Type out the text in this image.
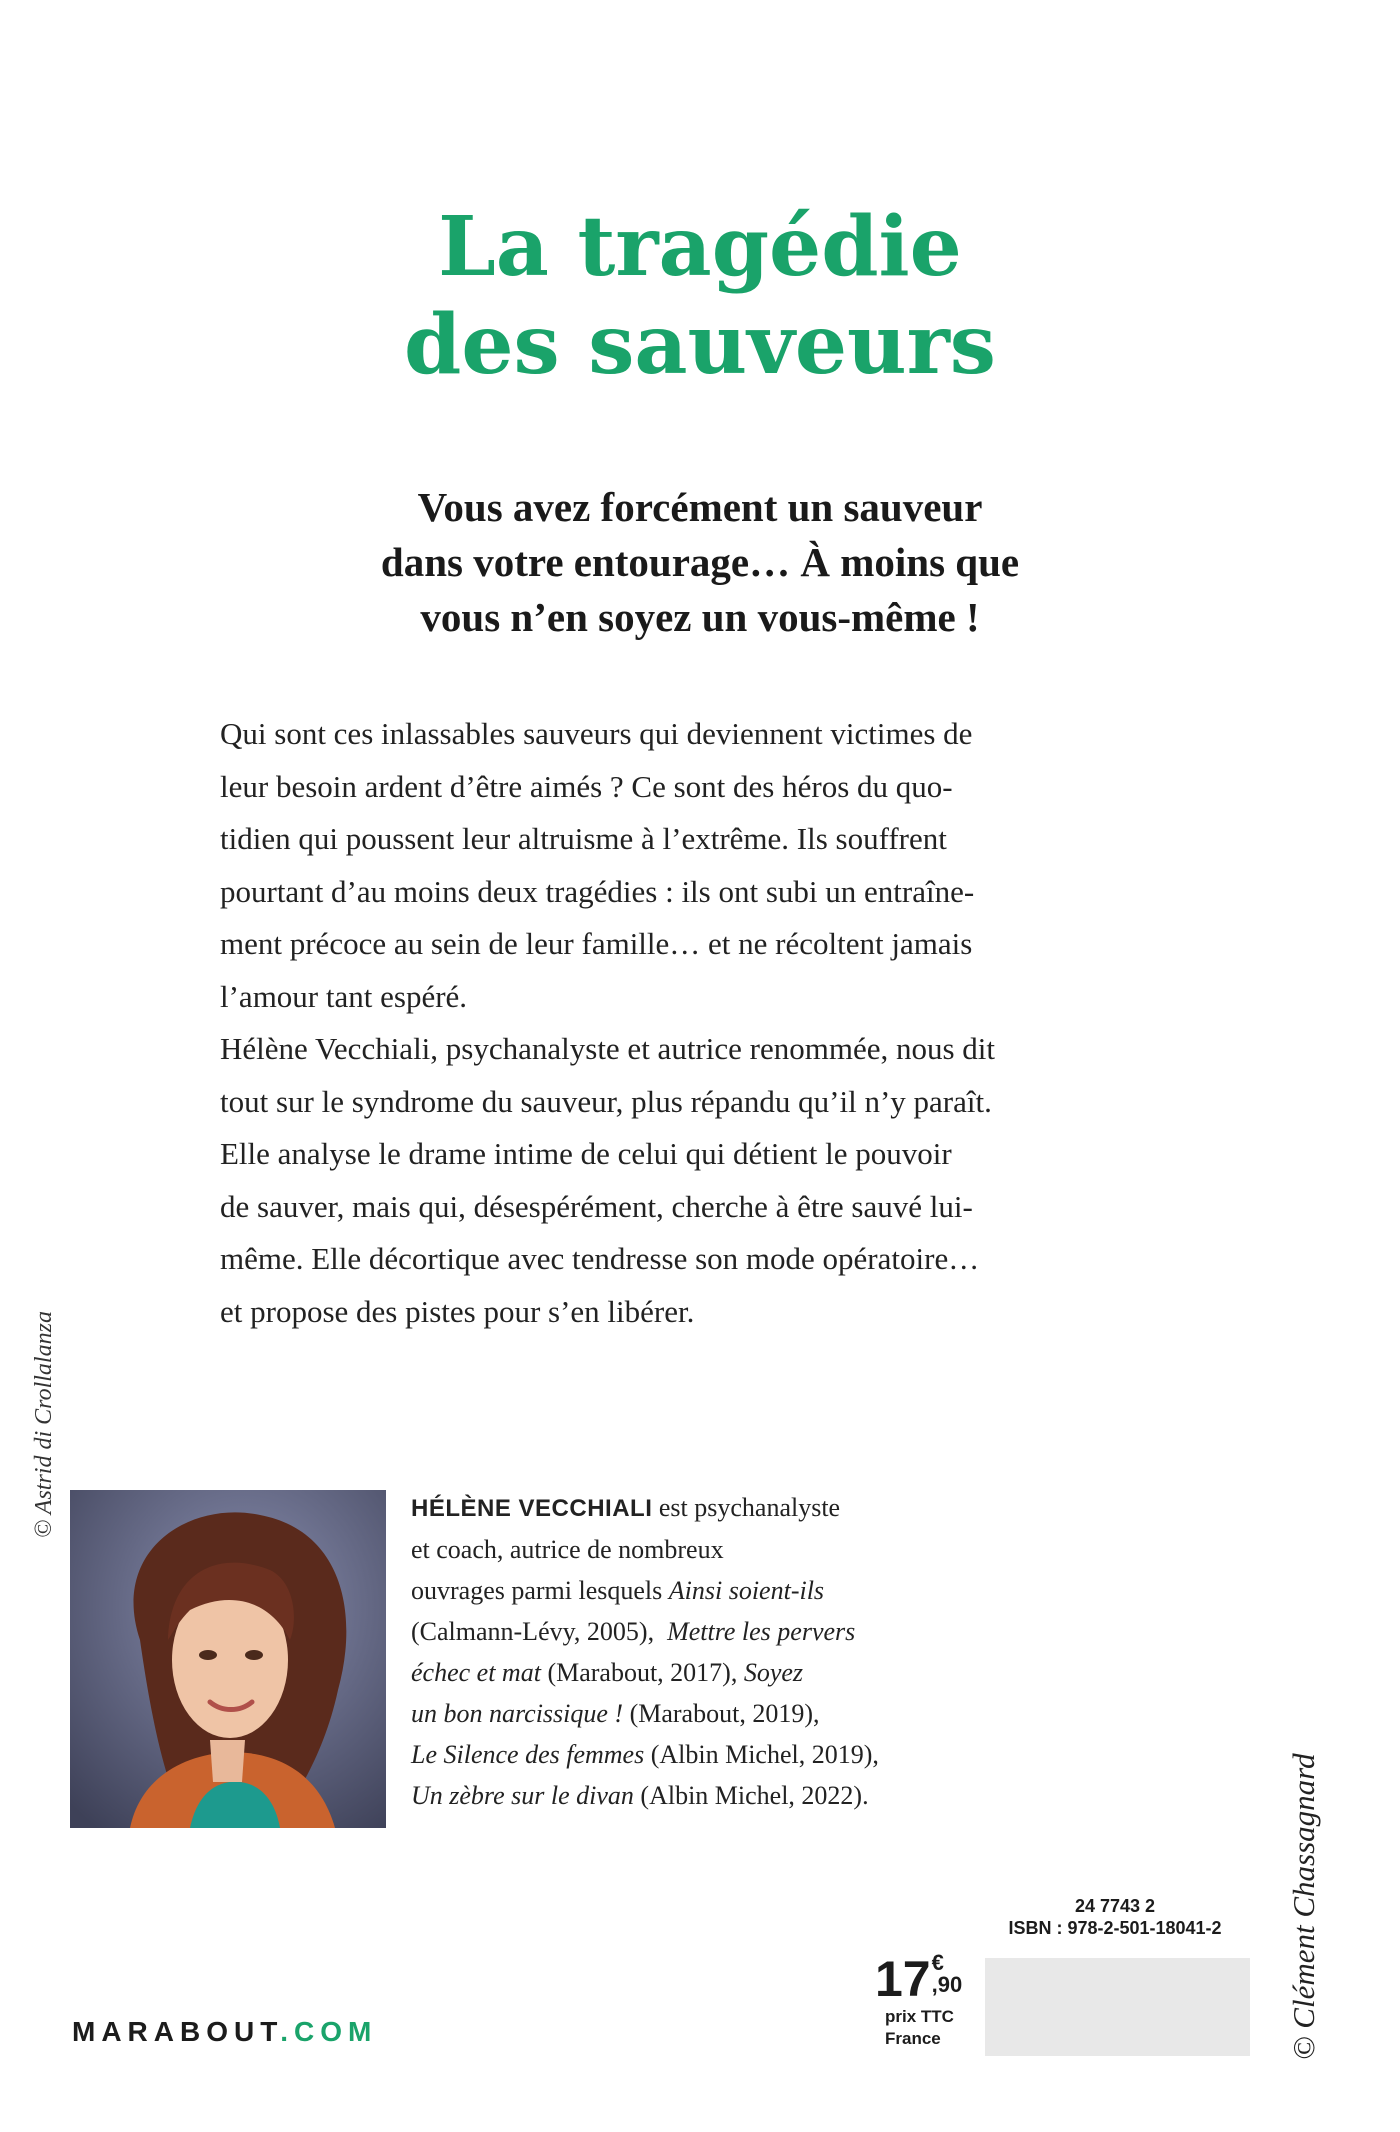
La tragédie
des sauveurs
Vous avez forcément un sauveur
dans votre entourage… À moins que
vous n’en soyez un vous-même !
Qui sont ces inlassables sauveurs qui deviennent victimes de
leur besoin ardent d’être aimés ? Ce sont des héros du quo-
tidien qui poussent leur altruisme à l’extrême. Ils souffrent
pourtant d’au moins deux tragédies : ils ont subi un entraîne-
ment précoce au sein de leur famille… et ne récoltent jamais
l’amour tant espéré.
Hélène Vecchiali, psychanalyste et autrice renommée, nous dit
tout sur le syndrome du sauveur, plus répandu qu’il n’y paraît.
Elle analyse le drame intime de celui qui détient le pouvoir
de sauver, mais qui, désespérément, cherche à être sauvé lui-
même. Elle décortique avec tendresse son mode opératoire…
et propose des pistes pour s’en libérer.
© Astrid di Crollalanza	HÉLÈNE VECCHIALI est psychanalyste
et coach, autrice de nombreux
ouvrages parmi lesquels Ainsi soient-ils
(Calmann-Lévy, 2005),  Mettre les pervers
échec et mat (Marabout, 2017), Soyez
un bon narcissique ! (Marabout, 2019),
Le Silence des femmes (Albin Michel, 2019),
Un zèbre sur le divan (Albin Michel, 2022).	© Clément Chassagnard
MARABOUT.COM
17 €
,90
prix TTC
France
24 7743 2
ISBN : 978-2-501-18041-2
